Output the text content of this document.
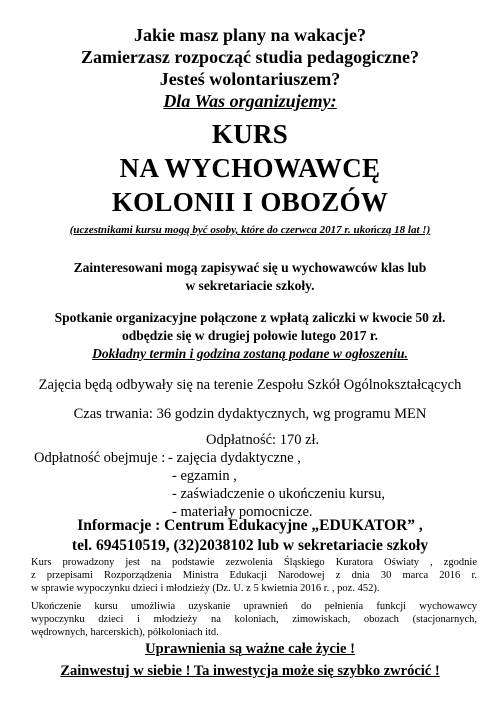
Jakie masz plany na wakacje?
Zamierzasz rozpocząć studia pedagogiczne?
Jesteś wolontariuszem?
Dla Was organizujemy:
KURS
NA WYCHOWAWCĘ
KOLONII I OBOZÓW
(uczestnikami kursu mogą być osoby, które do czerwca 2017 r. ukończą 18 lat !)
Zainteresowani mogą zapisywać się u wychowawców klas lub
w sekretariacie szkoły.
Spotkanie organizacyjne połączone z wpłatą zaliczki w kwocie 50 zł.
odbędzie się w drugiej połowie lutego 2017 r.
Dokładny termin i godzina zostaną podane w ogłoszeniu.
Zajęcia będą odbywały się na terenie Zespołu Szkół Ogólnokształcących
Czas trwania: 36 godzin dydaktycznych, wg programu MEN
Odpłatność: 170 zł.
Odpłatność obejmuje : - zajęcia dydaktyczne ,
- egzamin ,
- zaświadczenie o ukończeniu kursu,
- materiały pomocnicze.
Informacje : Centrum Edukacyjne „EDUKATOR” ,
tel. 694510519, (32)2038102 lub w sekretariacie szkoły
Kurs prowadzony jest na podstawie zezwolenia Śląskiego Kuratora Oświaty , zgodnie
z przepisami Rozporządzenia Ministra Edukacji Narodowej z dnia 30 marca 2016 r.
w sprawie wypoczynku dzieci i młodzieży (Dz. U. z 5 kwietnia 2016 r. , poz. 452).
Ukończenie kursu umożliwia uzyskanie uprawnień do pełnienia funkcji wychowawcy
wypoczynku dzieci i młodzieży na koloniach, zimowiskach, obozach (stacjonarnych,
wędrownych, harcerskich), półkoloniach itd.
Uprawnienia są ważne całe życie !
Zainwestuj w siebie ! Ta inwestycja może się szybko zwrócić !
